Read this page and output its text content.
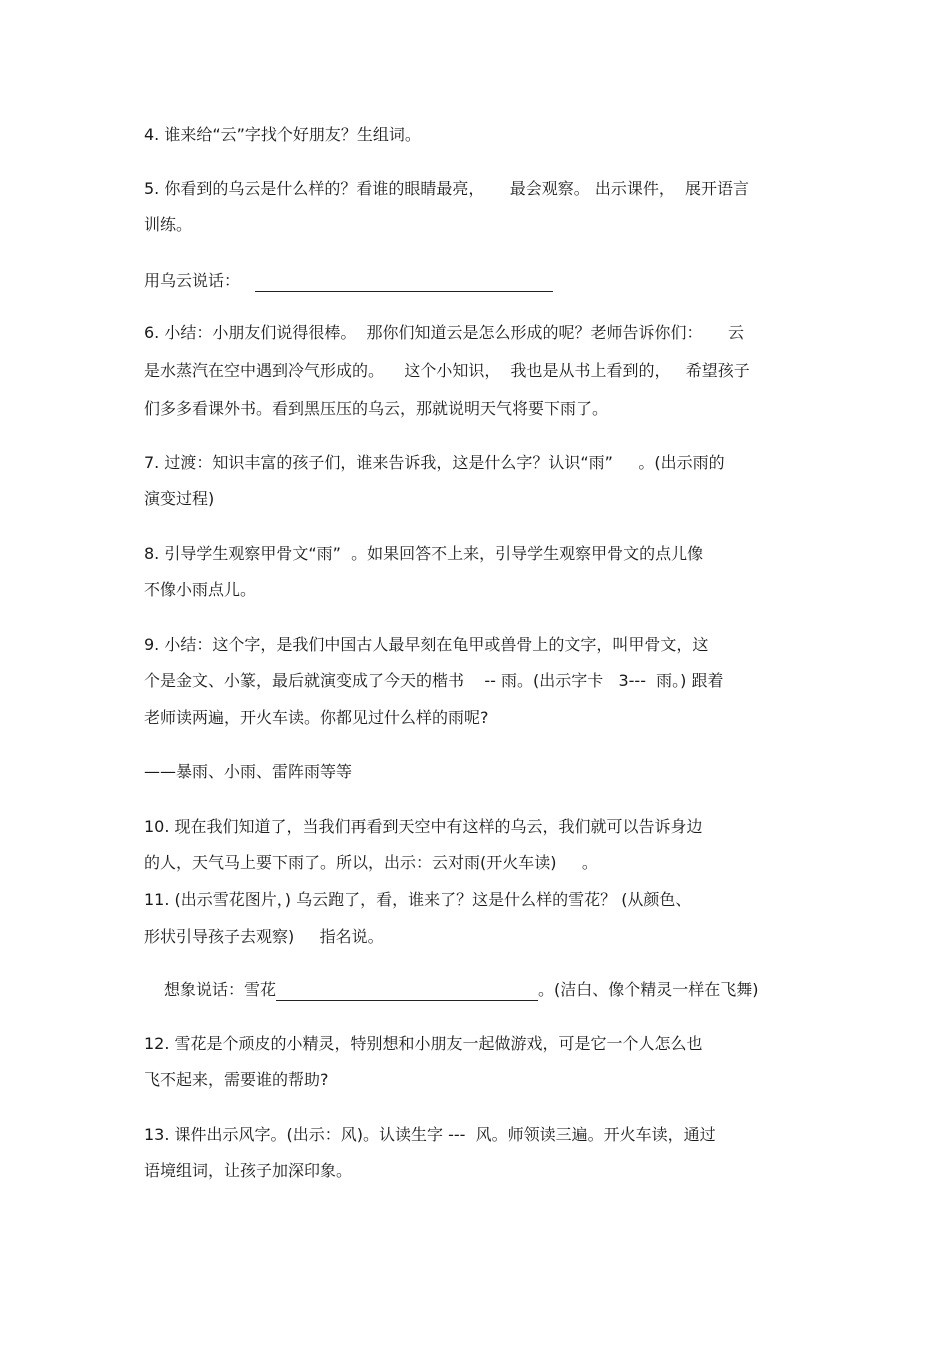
4. 谁来给“云”字找个好朋友？生组词。
5. 你看到的乌云是什么样的？看谁的眼睛最亮，     最会观察。 出示课件，  展开语言
训练。
用乌云说话：
6. 小结：小朋友们说得很棒。  那你们知道云是怎么形成的呢？老师告诉你们：     云
是水蒸汽在空中遇到冷气形成的。    这个小知识，  我也是从书上看到的，   希望孩子
们多多看课外书。看到黑压压的乌云，那就说明天气将要下雨了。
7. 过渡：知识丰富的孩子们，谁来告诉我，这是什么字？认识“雨”     。(出示雨的
演变过程)
8. 引导学生观察甲骨文“雨”  。如果回答不上来，引导学生观察甲骨文的点儿像
不像小雨点儿。
9. 小结：这个字，是我们中国古人最早刻在龟甲或兽骨上的文字，叫甲骨文，这
个是金文、小篆，最后就演变成了今天的楷书    -- 雨。(出示字卡   3---  雨。) 跟着
老师读两遍，开火车读。你都见过什么样的雨呢?
——暴雨、小雨、雷阵雨等等
10. 现在我们知道了，当我们再看到天空中有这样的乌云，我们就可以告诉身边
的人，天气马上要下雨了。所以，出示：云对雨(开火车读)     。
11. (出示雪花图片，) 乌云跑了，看，谁来了？这是什么样的雪花？ (从颜色、
形状引导孩子去观察)     指名说。
想象说话：雪花	。(洁白、像个精灵一样在飞舞)
12. 雪花是个顽皮的小精灵，特别想和小朋友一起做游戏，可是它一个人怎么也
飞不起来，需要谁的帮助?
13. 课件出示风字。(出示：风)。认读生字 ---  风。师领读三遍。开火车读，通过
语境组词，让孩子加深印象。
